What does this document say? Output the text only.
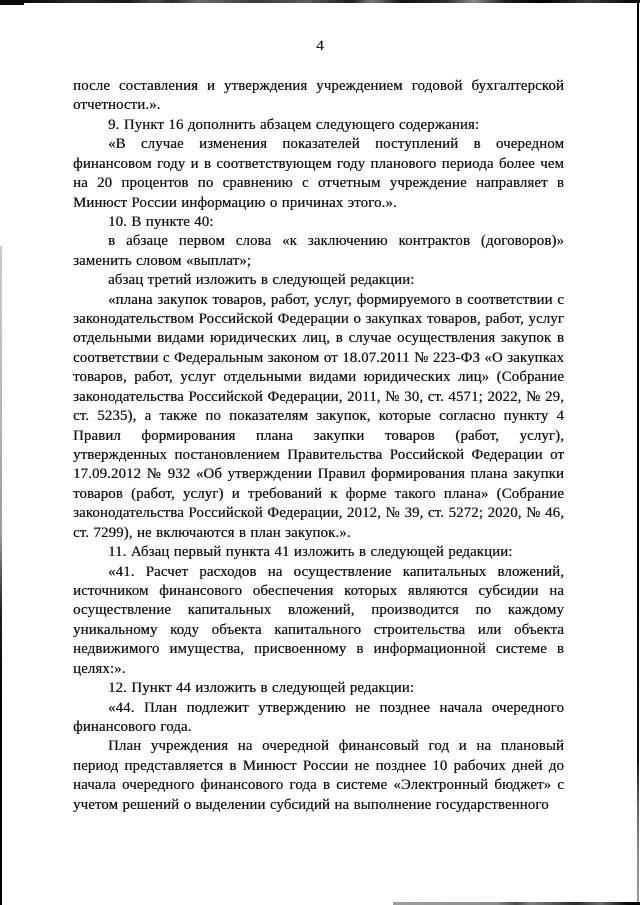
4

после составления и утверждения учреждением годовой бухгалтерской отчетности.».

9. Пункт 16 дополнить абзацем следующего содержания:

«В случае изменения показателей поступлений в очередном финансовом году и в соответствующем году планового периода более чем на 20 процентов по сравнению с отчетным учреждение направляет в Минюст России информацию о причинах этого.».

10. В пункте 40:

в абзаце первом слова «к заключению контрактов (договоров)» заменить словом «выплат»;

абзац третий изложить в следующей редакции:

«плана закупок товаров, работ, услуг, формируемого в соответствии с законодательством Российской Федерации о закупках товаров, работ, услуг отдельными видами юридических лиц, в случае осуществления закупок в соответствии с Федеральным законом от 18.07.2011 № 223-ФЗ «О закупках товаров, работ, услуг отдельными видами юридических лиц» (Собрание законодательства Российской Федерации, 2011, № 30, ст. 4571; 2022, № 29, ст. 5235), а также по показателям закупок, которые согласно пункту 4 Правил формирования плана закупки товаров (работ, услуг), утвержденных постановлением Правительства Российской Федерации от 17.09.2012 № 932 «Об утверждении Правил формирования плана закупки товаров (работ, услуг) и требований к форме такого плана» (Собрание законодательства Российской Федерации, 2012, № 39, ст. 5272; 2020, № 46, ст. 7299), не включаются в план закупок.».

11. Абзац первый пункта 41 изложить в следующей редакции:

«41. Расчет расходов на осуществление капитальных вложений, источником финансового обеспечения которых являются субсидии на осуществление капитальных вложений, производится по каждому уникальному коду объекта капитального строительства или объекта недвижимого имущества, присвоенному в информационной системе в целях:».

12. Пункт 44 изложить в следующей редакции:

«44. План подлежит утверждению не позднее начала очередного финансового года.

План учреждения на очередной финансовый год и на плановый период представляется в Минюст России не позднее 10 рабочих дней до начала очередного финансового года в системе «Электронный бюджет» с учетом решений о выделении субсидий на выполнение государственного
